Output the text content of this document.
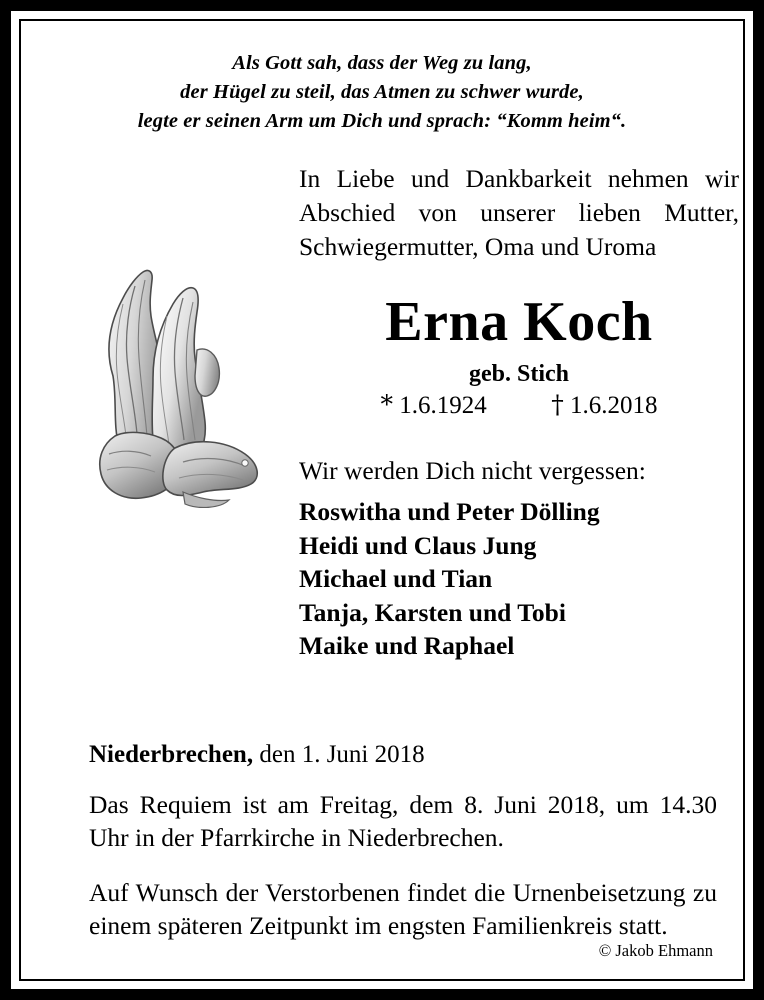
Als Gott sah, dass der Weg zu lang,
der Hügel zu steil, das Atmen zu schwer wurde,
legte er seinen Arm um Dich und sprach: “Komm heim“.

In Liebe und Dankbarkeit nehmen wir Abschied von unserer lieben Mutter, Schwiegermutter, Oma und Uroma

Erna Koch
geb. Stich
* 1.6.1924	† 1.6.2018
Wir werden Dich nicht vergessen:
Roswitha und Peter Dölling
Heidi und Claus Jung
Michael und Tian
Tanja, Karsten und Tobi
Maike und Raphael
Niederbrechen, den 1. Juni 2018

Das Requiem ist am Freitag, dem 8. Juni 2018, um 14.30 Uhr in der Pfarrkirche in Niederbrechen.

Auf Wunsch der Verstorbenen findet die Urnenbeisetzung zu einem späteren Zeitpunkt im engsten Familienkreis statt.

© Jakob Ehmann
